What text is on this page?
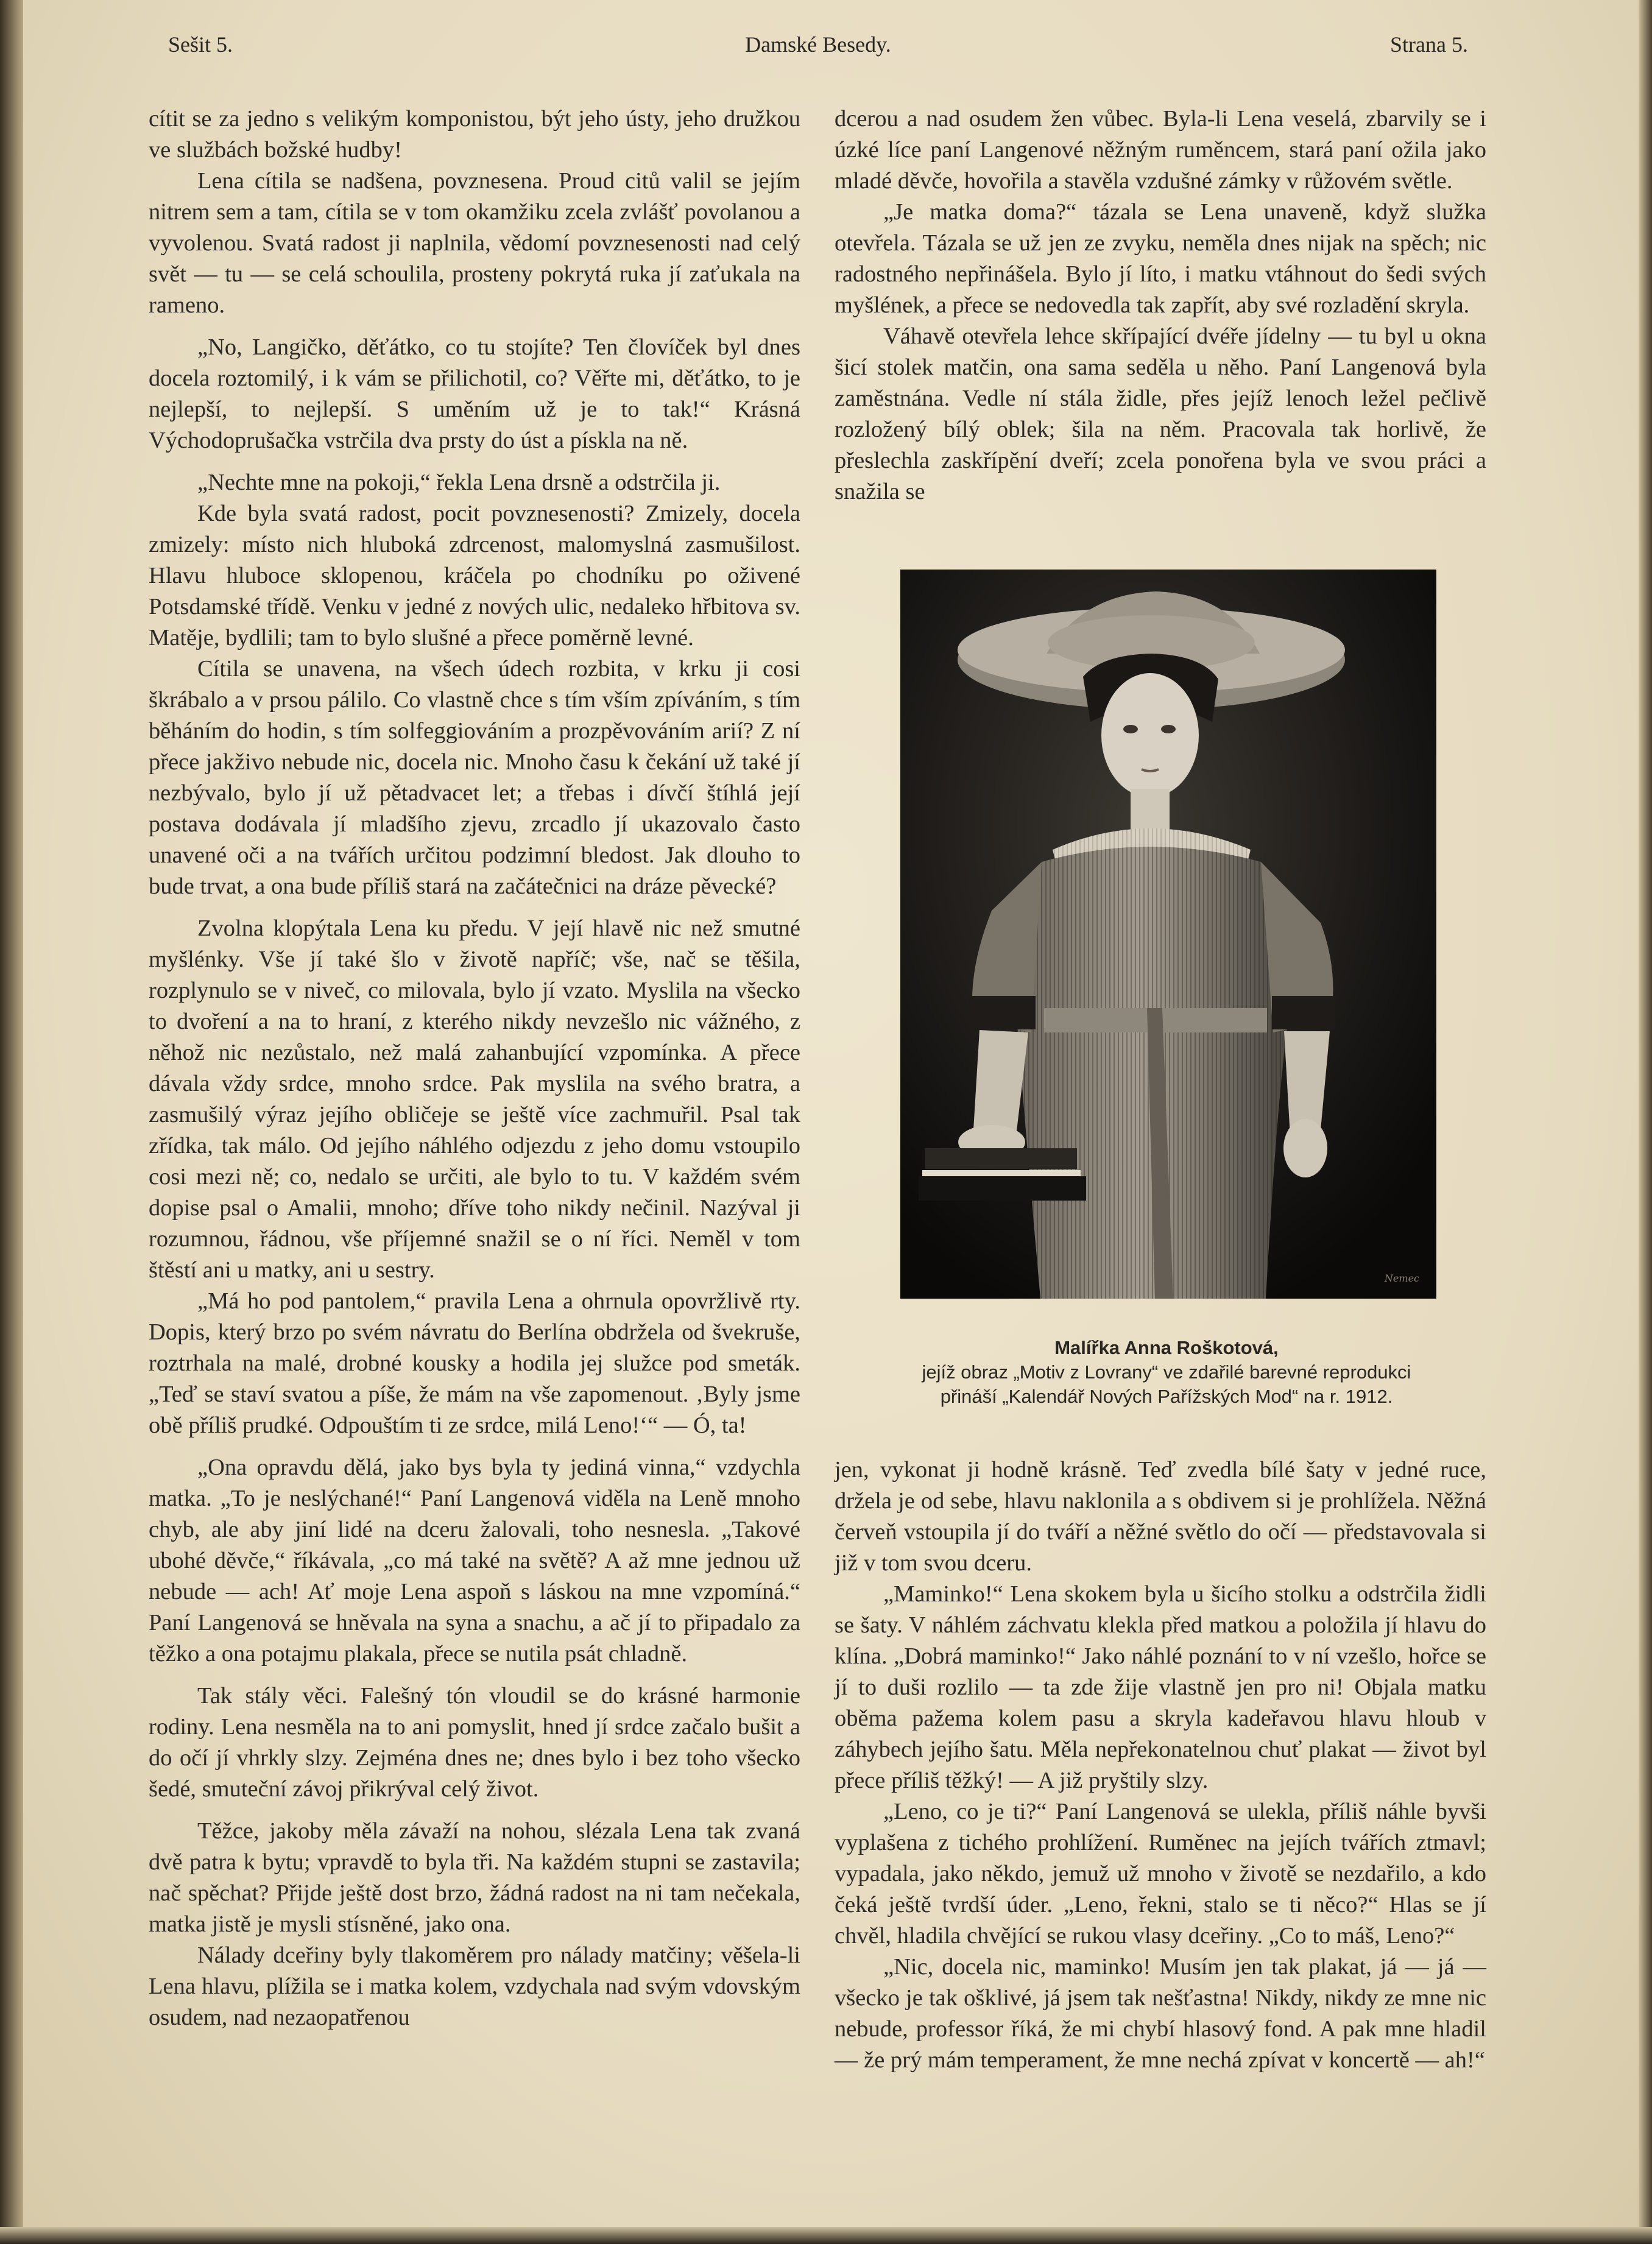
Damské Besedy.
Sešit 5.	Strana 5.

cítit se za jedno s velikým komponistou, být jeho ústy, jeho družkou ve službách božské hudby!

Lena cítila se nadšena, povznesena. Proud citů valil se jejím nitrem sem a tam, cítila se v tom okamžiku zcela zvlášť povolanou a vyvolenou. Svatá radost ji naplnila, vědomí povznesenosti nad celý svět — tu — se celá schoulila, prosteny pokrytá ruka jí zaťukala na rameno.

„No, Langičko, děťátko, co tu stojíte? Ten človíček byl dnes docela roztomilý, i k vám se přilichotil, co? Věřte mi, děťátko, to je nejlepší, to nejlepší. S uměním už je to tak!“ Krásná Východoprušačka vstrčila dva prsty do úst a pískla na ně.

„Nechte mne na pokoji,“ řekla Lena drsně a odstrčila ji.

Kde byla svatá radost, pocit povznesenosti? Zmizely, docela zmizely: místo nich hluboká zdrcenost, malomyslná zasmušilost. Hlavu hluboce sklopenou, kráčela po chodníku po oživené Potsdamské třídě. Venku v jedné z nových ulic, nedaleko hřbitova sv. Matěje, bydlili; tam to bylo slušné a přece poměrně levné.

Cítila se unavena, na všech údech rozbita, v krku ji cosi škrábalo a v prsou pálilo. Co vlastně chce s tím vším zpíváním, s tím běháním do hodin, s tím solfeggiováním a prozpěvováním arií? Z ní přece jakživo nebude nic, docela nic. Mnoho času k čekání už také jí nezbývalo, bylo jí už pětadvacet let; a třebas i dívčí štíhlá její postava dodávala jí mladšího zjevu, zrcadlo jí ukazovalo často unavené oči a na tvářích určitou podzimní bledost. Jak dlouho to bude trvat, a ona bude příliš stará na začátečnici na dráze pěvecké?

Zvolna klopýtala Lena ku předu. V její hlavě nic než smutné myšlénky. Vše jí také šlo v životě napříč; vše, nač se těšila, rozplynulo se v niveč, co milovala, bylo jí vzato. Myslila na všecko to dvoření a na to hraní, z kterého nikdy nevzešlo nic vážného, z něhož nic nezůstalo, než malá zahanbující vzpomínka. A přece dávala vždy srdce, mnoho srdce. Pak myslila na svého bratra, a zasmušilý výraz jejího obličeje se ještě více zachmuřil. Psal tak zřídka, tak málo. Od jejího náhlého odjezdu z jeho domu vstoupilo cosi mezi ně; co, nedalo se určiti, ale bylo to tu. V každém svém dopise psal o Amalii, mnoho; dříve toho nikdy nečinil. Nazýval ji rozumnou, řádnou, vše příjemné snažil se o ní říci. Neměl v tom štěstí ani u matky, ani u sestry.

„Má ho pod pantolem,“ pravila Lena a ohrnula opovržlivě rty. Dopis, který brzo po svém návratu do Berlína obdržela od švekruše, roztrhala na malé, drobné kousky a hodila jej služce pod smeták. „Teď se staví svatou a píše, že mám na vše zapomenout. ‚Byly jsme obě příliš prudké. Odpouštím ti ze srdce, milá Leno!‘“ — Ó, ta!

„Ona opravdu dělá, jako bys byla ty jediná vinna,“ vzdychla matka. „To je neslýchané!“ Paní Langenová viděla na Leně mnoho chyb, ale aby jiní lidé na dceru žalovali, toho nesnesla. „Takové ubohé děvče,“ říkávala, „co má také na světě? A až mne jednou už nebude — ach! Ať moje Lena aspoň s láskou na mne vzpomíná.“ Paní Langenová se hněvala na syna a snachu, a ač jí to připadalo za těžko a ona potajmu plakala, přece se nutila psát chladně.

Tak stály věci. Falešný tón vloudil se do krásné harmonie rodiny. Lena nesměla na to ani pomyslit, hned jí srdce začalo bušit a do očí jí vhrkly slzy. Zejména dnes ne; dnes bylo i bez toho všecko šedé, smuteční závoj přikrýval celý život.

Těžce, jakoby měla závaží na nohou, slézala Lena tak zvaná dvě patra k bytu; vpravdě to byla tři. Na každém stupni se zastavila; nač spěchat? Přijde ještě dost brzo, žádná radost na ni tam nečekala, matka jistě je mysli stísněné, jako ona.

Nálady dceřiny byly tlakoměrem pro nálady matčiny; věšela-li Lena hlavu, plížila se i matka kolem, vzdychala nad svým vdovským osudem, nad nezaopatřenou

dcerou a nad osudem žen vůbec. Byla-li Lena veselá, zbarvily se i úzké líce paní Langenové něžným ruměncem, stará paní ožila jako mladé děvče, hovořila a stavěla vzdušné zámky v růžovém světle.

„Je matka doma?“ tázala se Lena unaveně, když služka otevřela. Tázala se už jen ze zvyku, neměla dnes nijak na spěch; nic radostného nepřinášela. Bylo jí líto, i matku vtáhnout do šedi svých myšlének, a přece se nedovedla tak zapřít, aby své rozladění skryla.

Váhavě otevřela lehce skřípající dvéře jídelny — tu byl u okna šicí stolek matčin, ona sama seděla u něho. Paní Langenová byla zaměstnána. Vedle ní stála židle, přes jejíž lenoch ležel pečlivě rozložený bílý oblek; šila na něm. Pracovala tak horlivě, že přeslechla zaskřípění dveří; zcela ponořena byla ve svou práci a snažila se

Nemec
Malířka Anna Roškotová,
jejíž obraz „Motiv z Lovrany“ ve zdařilé barevné reprodukci
přináší „Kalendář Nových Pařížských Mod“ na r. 1912.

jen, vykonat ji hodně krásně. Teď zvedla bílé šaty v jedné ruce, držela je od sebe, hlavu naklonila a s obdivem si je prohlížela. Něžná červeň vstoupila jí do tváří a něžné světlo do očí — představovala si již v tom svou dceru.

„Maminko!“ Lena skokem byla u šicího stolku a odstrčila židli se šaty. V náhlém záchvatu klekla před matkou a položila jí hlavu do klína. „Dobrá maminko!“ Jako náhlé poznání to v ní vzešlo, hořce se jí to duši rozlilo — ta zde žije vlastně jen pro ni! Objala matku oběma pažema kolem pasu a skryla kadeřavou hlavu hloub v záhybech jejího šatu. Měla nepřekonatelnou chuť plakat — život byl přece příliš těžký! — A již pryštily slzy.

„Leno, co je ti?“ Paní Langenová se ulekla, příliš náhle byvši vyplašena z tichého prohlížení. Ruměnec na jejích tvářích ztmavl; vypadala, jako někdo, jemuž už mnoho v životě se nezdařilo, a kdo čeká ještě tvrdší úder. „Leno, řekni, stalo se ti něco?“ Hlas se jí chvěl, hladila chvějící se rukou vlasy dceřiny. „Co to máš, Leno?“

„Nic, docela nic, maminko! Musím jen tak plakat, já — já — všecko je tak ošklivé, já jsem tak nešťastna! Nikdy, nikdy ze mne nic nebude, professor říká, že mi chybí hlasový fond. A pak mne hladil — že prý mám temperament, že mne nechá zpívat v koncertě — ah!“
